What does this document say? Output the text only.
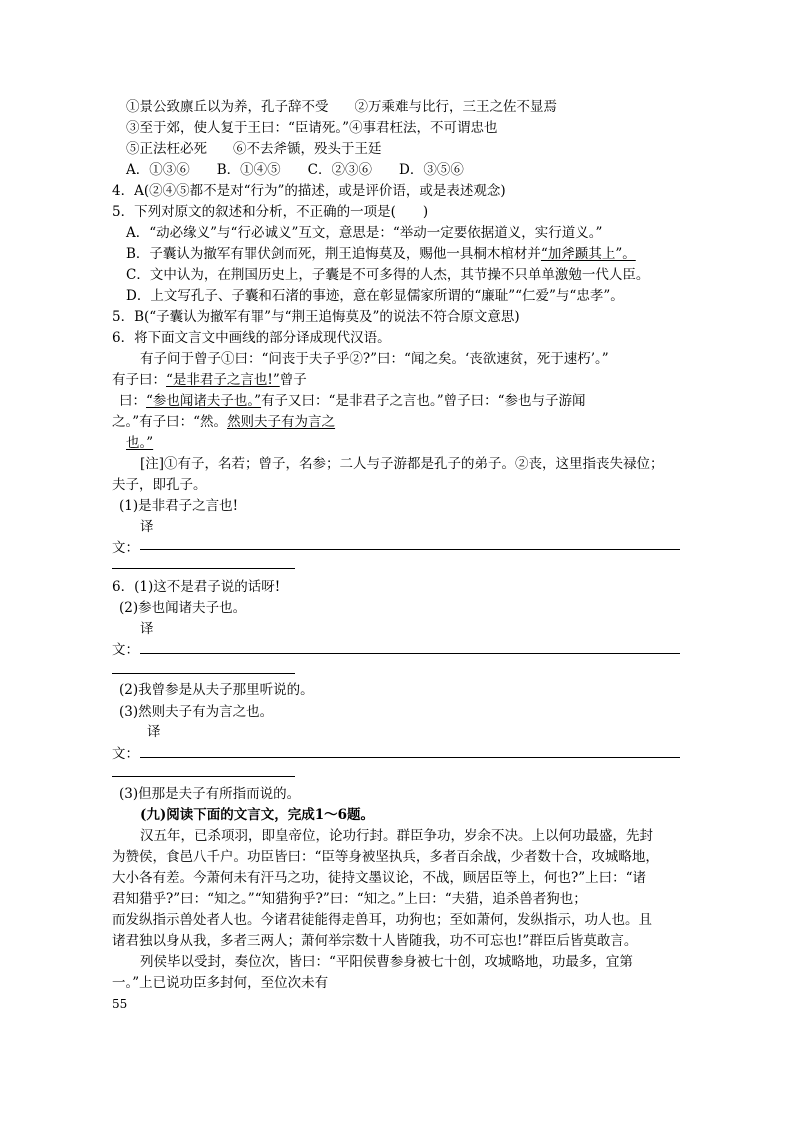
①景公致廪丘以为养，孔子辞不受 ②万乘难与比行，三王之佐不显焉
③至于郊，使人复于王曰：“臣请死。”④事君枉法，不可谓忠也
⑤正法枉必死 ⑥不去斧锧，殁头于王廷
A．①③⑥　　B．①④⑤　　C．②③⑥　　D．③⑤⑥
4．A(②④⑤都不是对“行为”的描述，或是评价语，或是表述观念)
5．下列对原文的叙述和分析，不正确的一项是(　　)
A．“动必缘义”与“行必诚义”互文，意思是：“举动一定要依据道义，实行道义。”
B．子囊认为撤军有罪伏剑而死，荆王追悔莫及，赐他一具桐木棺材并“加斧踬其上”。
C．文中认为，在荆国历史上，子囊是不可多得的人杰，其节操不只单单激勉一代人臣。
D．上文写孔子、子囊和石渚的事迹，意在彰显儒家所谓的“廉耻”“仁爱”与“忠孝”。
5．B(“子囊认为撤军有罪”与“荆王追悔莫及”的说法不符合原文意思)
6．将下面文言文中画线的部分译成现代汉语。
有子问于曾子①曰：“问丧于夫子乎②?”曰：“闻之矣。‘丧欲速贫，死于速朽’。”
有子曰：“是非君子之言也!”曾子
曰：“参也闻诸夫子也。”有子又曰：“是非君子之言也。”曾子曰：“参也与子游闻
之。”有子曰：“然。然则夫子有为言之
也。”
[注]①有子，名若；曾子，名参；二人与子游都是孔子的弟子。②丧，这里指丧失禄位；
夫子，即孔子。
(1)是非君子之言也!
译
文：
6．(1)这不是君子说的话呀!
(2)参也闻诸夫子也。
译
文：
(2)我曾参是从夫子那里听说的。
(3)然则夫子有为言之也。
译
文：
(3)但那是夫子有所指而说的。
(九)阅读下面的文言文，完成1～6题。
汉五年，已杀项羽，即皇帝位，论功行封。群臣争功，岁余不决。上以何功最盛，先封
为赞侯，食邑八千户。功臣皆曰：“臣等身被坚执兵，多者百余战，少者数十合，攻城略地，
大小各有差。今萧何未有汗马之功，徒持文墨议论，不战，顾居臣等上，何也?”上曰：“诸
君知猎乎?”曰：“知之。”“知猎狗乎?”曰：“知之。”上曰：“夫猎，追杀兽者狗也；
而发纵指示兽处者人也。今诸君徒能得走兽耳，功狗也；至如萧何，发纵指示，功人也。且
诸君独以身从我，多者三两人；萧何举宗数十人皆随我，功不可忘也!”群臣后皆莫敢言。
列侯毕以受封，奏位次，皆曰：“平阳侯曹参身被七十创，攻城略地，功最多，宜第
一。”上已说功臣多封何，至位次未有
55
